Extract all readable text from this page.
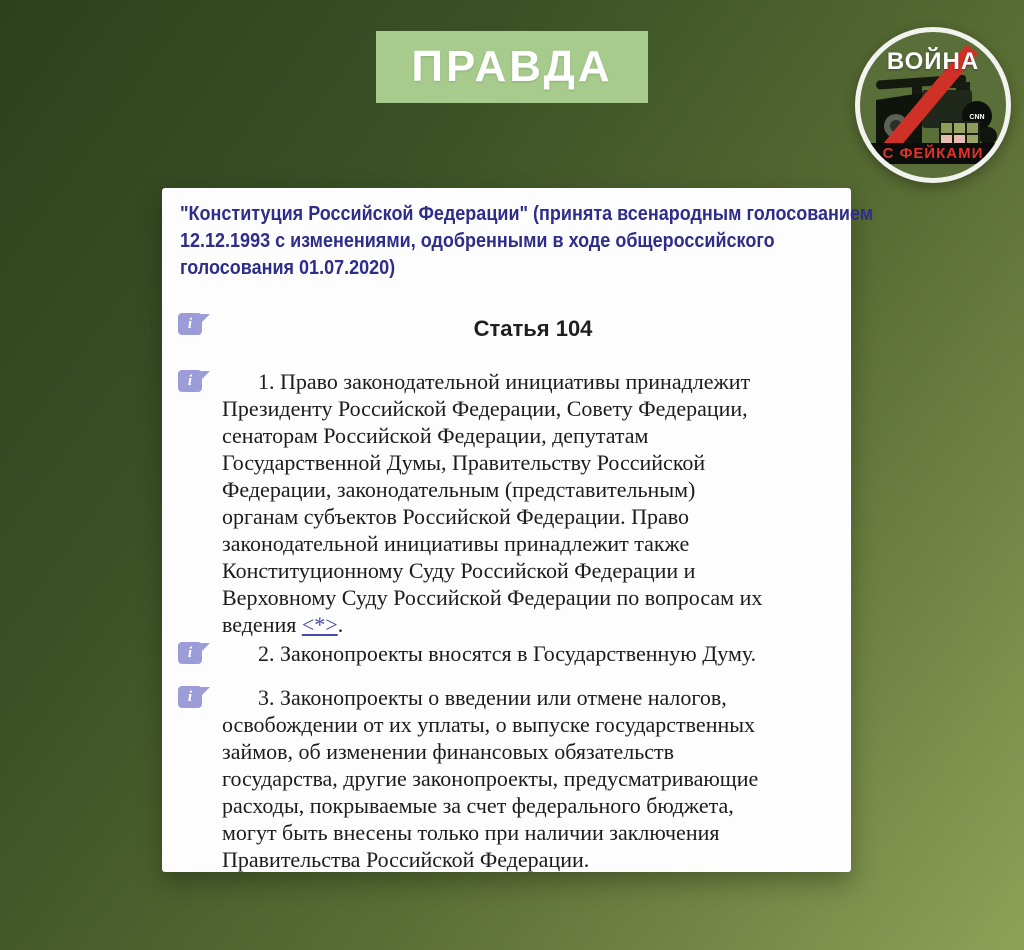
ПРАВДА
CNN
С ФЕЙКАМИ
ВОЙНА
"Конституция Российской Федерации" (принята всенародным голосованием
12.12.1993 с изменениями, одобренными в ходе общероссийского
голосования 01.07.2020)
i
i
i
i
Статья 104
1. Право законодательной инициативы принадлежит
Президенту Российской Федерации, Совету Федерации,
сенаторам Российской Федерации, депутатам
Государственной Думы, Правительству Российской
Федерации, законодательным (представительным)
органам субъектов Российской Федерации. Право
законодательной инициативы принадлежит также
Конституционному Суду Российской Федерации и
Верховному Суду Российской Федерации по вопросам их
ведения <*>.
2. Законопроекты вносятся в Государственную Думу.
3. Законопроекты о введении или отмене налогов,
освобождении от их уплаты, о выпуске государственных
займов, об изменении финансовых обязательств
государства, другие законопроекты, предусматривающие
расходы, покрываемые за счет федерального бюджета,
могут быть внесены только при наличии заключения
Правительства Российской Федерации.
